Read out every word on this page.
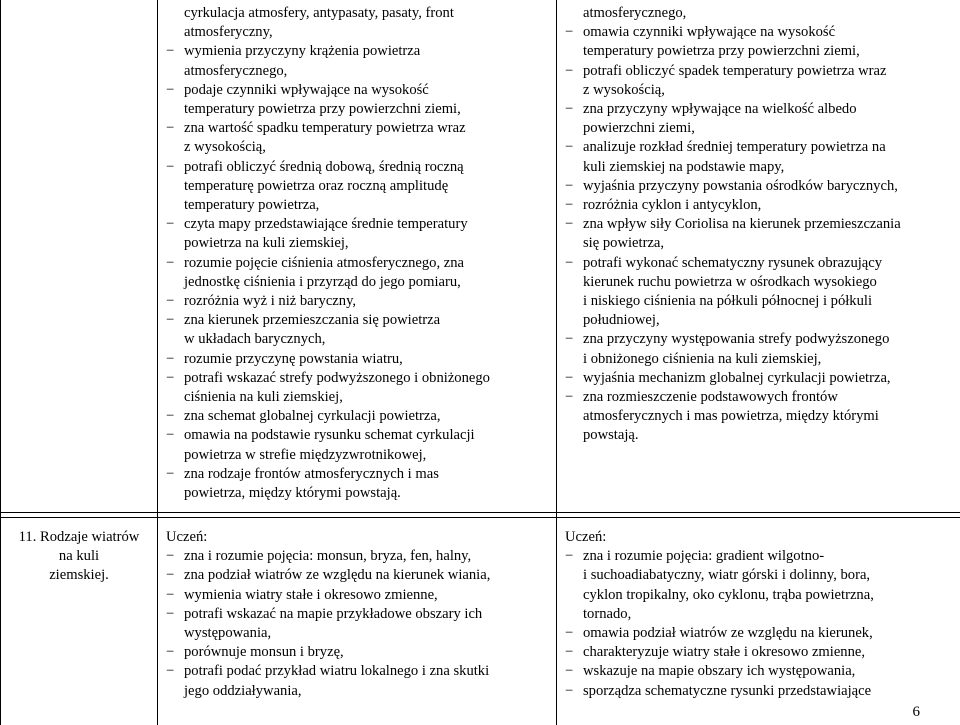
cyrkulacja atmosfery, antypasaty, pasaty, front
atmosferyczny,
− wymienia przyczyny krążenia powietrza
atmosferycznego,
− podaje czynniki wpływające na wysokość
temperatury powietrza przy powierzchni ziemi,
− zna wartość spadku temperatury powietrza wraz
z wysokością,
− potrafi obliczyć średnią dobową, średnią roczną
temperaturę powietrza oraz roczną amplitudę
temperatury powietrza,
− czyta mapy przedstawiające średnie temperatury
powietrza na kuli ziemskiej,
− rozumie pojęcie ciśnienia atmosferycznego, zna
jednostkę ciśnienia i przyrząd do jego pomiaru,
− rozróżnia wyż i niż baryczny,
− zna kierunek przemieszczania się powietrza
w układach barycznych,
− rozumie przyczynę powstania wiatru,
− potrafi wskazać strefy podwyższonego i obniżonego
ciśnienia na kuli ziemskiej,
− zna schemat globalnej cyrkulacji powietrza,
− omawia na podstawie rysunku schemat cyrkulacji
powietrza w strefie międzyzwrotnikowej,
− zna rodzaje frontów atmosferycznych i mas
powietrza, między którymi powstają.
atmosferycznego,
− omawia czynniki wpływające na wysokość
temperatury powietrza przy powierzchni ziemi,
− potrafi obliczyć spadek temperatury powietrza wraz
z wysokością,
− zna przyczyny wpływające na wielkość albedo
powierzchni ziemi,
− analizuje rozkład średniej temperatury powietrza na
kuli ziemskiej na podstawie mapy,
− wyjaśnia przyczyny powstania ośrodków barycznych,
− rozróżnia cyklon i antycyklon,
− zna wpływ siły Coriolisa na kierunek przemieszczania
się powietrza,
− potrafi wykonać schematyczny rysunek obrazujący
kierunek ruchu powietrza w ośrodkach wysokiego
i niskiego ciśnienia na półkuli północnej i półkuli
południowej,
− zna przyczyny występowania strefy podwyższonego
i obniżonego ciśnienia na kuli ziemskiej,
− wyjaśnia mechanizm globalnej cyrkulacji powietrza,
− zna rozmieszczenie podstawowych frontów
atmosferycznych i mas powietrza, między którymi
powstają.
11. Rodzaje wiatrów
na kuli
ziemskiej.
Uczeń:
− zna i rozumie pojęcia: monsun, bryza, fen, halny,
− zna podział wiatrów ze względu na kierunek wiania,
− wymienia wiatry stałe i okresowo zmienne,
− potrafi wskazać na mapie przykładowe obszary ich
występowania,
− porównuje monsun i bryzę,
− potrafi podać przykład wiatru lokalnego i zna skutki
jego oddziaływania,
Uczeń:
− zna i rozumie pojęcia: gradient wilgotno-
i suchoadiabatyczny, wiatr górski i dolinny, bora,
cyklon tropikalny, oko cyklonu, trąba powietrzna,
tornado,
− omawia podział wiatrów ze względu na kierunek,
− charakteryzuje wiatry stałe i okresowo zmienne,
− wskazuje na mapie obszary ich występowania,
− sporządza schematyczne rysunki przedstawiające
6
